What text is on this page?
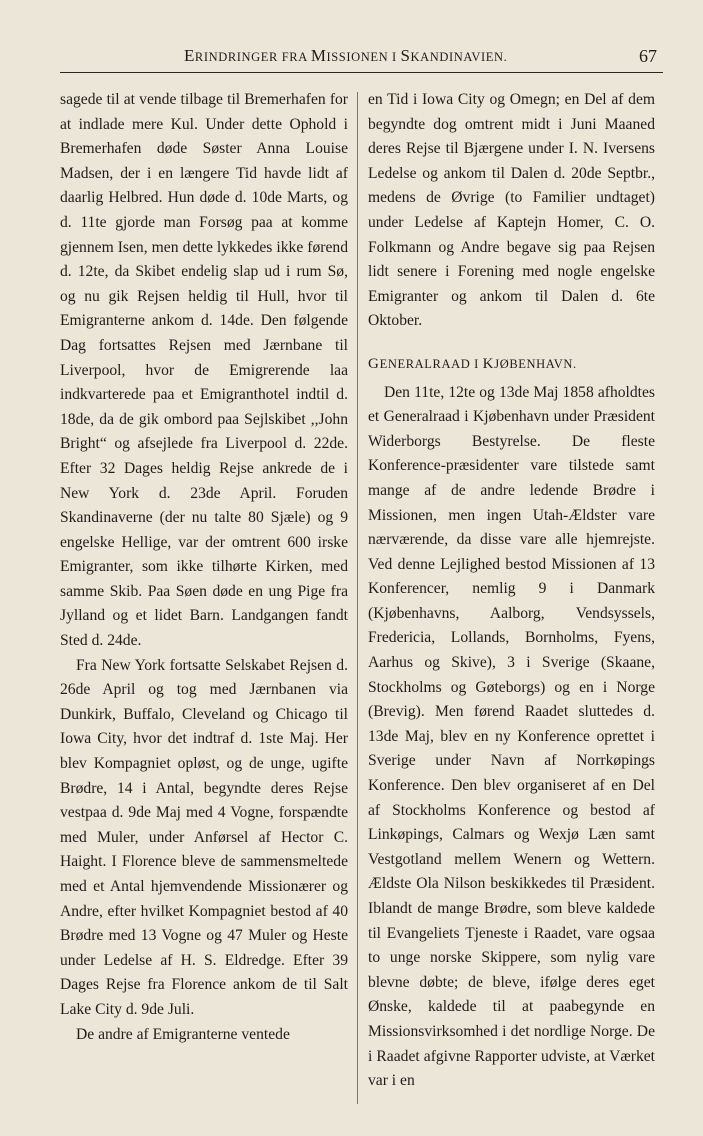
ERINDRINGER FRA MISSIONEN I SKANDINAVIEN.	67

sagede til at vende tilbage til Bremerhafen for at indlade mere Kul. Under dette Ophold i Bremerhafen døde Søster Anna Louise Madsen, der i en længere Tid havde lidt af daarlig Helbred. Hun døde d. 10de Marts, og d. 11te gjorde man Forsøg paa at komme gjennem Isen, men dette lykkedes ikke førend d. 12te, da Skibet endelig slap ud i rum Sø, og nu gik Rejsen heldig til Hull, hvor til Emigranterne ankom d. 14de. Den følgende Dag fortsattes Rejsen med Jærnbane til Liverpool, hvor de Emigrerende laa indkvarterede paa et Emigranthotel indtil d. 18de, da de gik ombord paa Sejlskibet ,,John Bright“ og afsejlede fra Liverpool d. 22de. Efter 32 Dages heldig Rejse ankrede de i New York d. 23de April. Foruden Skandinaverne (der nu talte 80 Sjæle) og 9 engelske Hellige, var der omtrent 600 irske Emigranter, som ikke tilhørte Kirken, med samme Skib. Paa Søen døde en ung Pige fra Jylland og et lidet Barn. Landgangen fandt Sted d. 24de.

Fra New York fortsatte Selskabet Rejsen d. 26de April og tog med Jærnbanen via Dunkirk, Buffalo, Cleveland og Chicago til Iowa City, hvor det indtraf d. 1ste Maj. Her blev Kompagniet opløst, og de unge, ugifte Brødre, 14 i Antal, begyndte deres Rejse vestpaa d. 9de Maj med 4 Vogne, forspændte med Muler, under Anførsel af Hector C. Haight. I Florence bleve de sammensmeltede med et Antal hjemvendende Missionærer og Andre, efter hvilket Kompagniet bestod af 40 Brødre med 13 Vogne og 47 Muler og Heste under Ledelse af H. S. Eldredge. Efter 39 Dages Rejse fra Florence ankom de til Salt Lake City d. 9de Juli.

De andre af Emigranterne ventede

en Tid i Iowa City og Omegn; en Del af dem begyndte dog omtrent midt i Juni Maaned deres Rejse til Bjærgene under I. N. Iversens Ledelse og ankom til Dalen d. 20de Septbr., medens de Øvrige (to Familier undtaget) under Ledelse af Kaptejn Homer, C. O. Folkmann og Andre begave sig paa Rejsen lidt senere i Forening med nogle engelske Emigranter og ankom til Dalen d. 6te Oktober.

GENERALRAAD I KJØBENHAVN.

Den 11te, 12te og 13de Maj 1858 afholdtes et Generalraad i Kjøbenhavn under Præsident Widerborgs Bestyrelse. De fleste Konference-præsidenter vare tilstede samt mange af de andre ledende Brødre i Missionen, men ingen Utah-Ældster vare nærværende, da disse vare alle hjemrejste. Ved denne Lejlighed bestod Missionen af 13 Konferencer, nemlig 9 i Danmark (Kjøbenhavns, Aalborg, Vendsyssels, Fredericia, Lollands, Bornholms, Fyens, Aarhus og Skive), 3 i Sverige (Skaane, Stockholms og Gøteborgs) og en i Norge (Brevig). Men førend Raadet sluttedes d. 13de Maj, blev en ny Konference oprettet i Sverige under Navn af Norrkøpings Konference. Den blev organiseret af en Del af Stockholms Konference og bestod af Linkøpings, Calmars og Wexjø Læn samt Vestgotland mellem Wenern og Wettern. Ældste Ola Nilson beskikkedes til Præsident. Iblandt de mange Brødre, som bleve kaldede til Evangeliets Tjeneste i Raadet, vare ogsaa to unge norske Skippere, som nylig vare blevne døbte; de bleve, ifølge deres eget Ønske, kaldede til at paabegynde en Missionsvirksomhed i det nordlige Norge. De i Raadet afgivne Rapporter udviste, at Værket var i en
